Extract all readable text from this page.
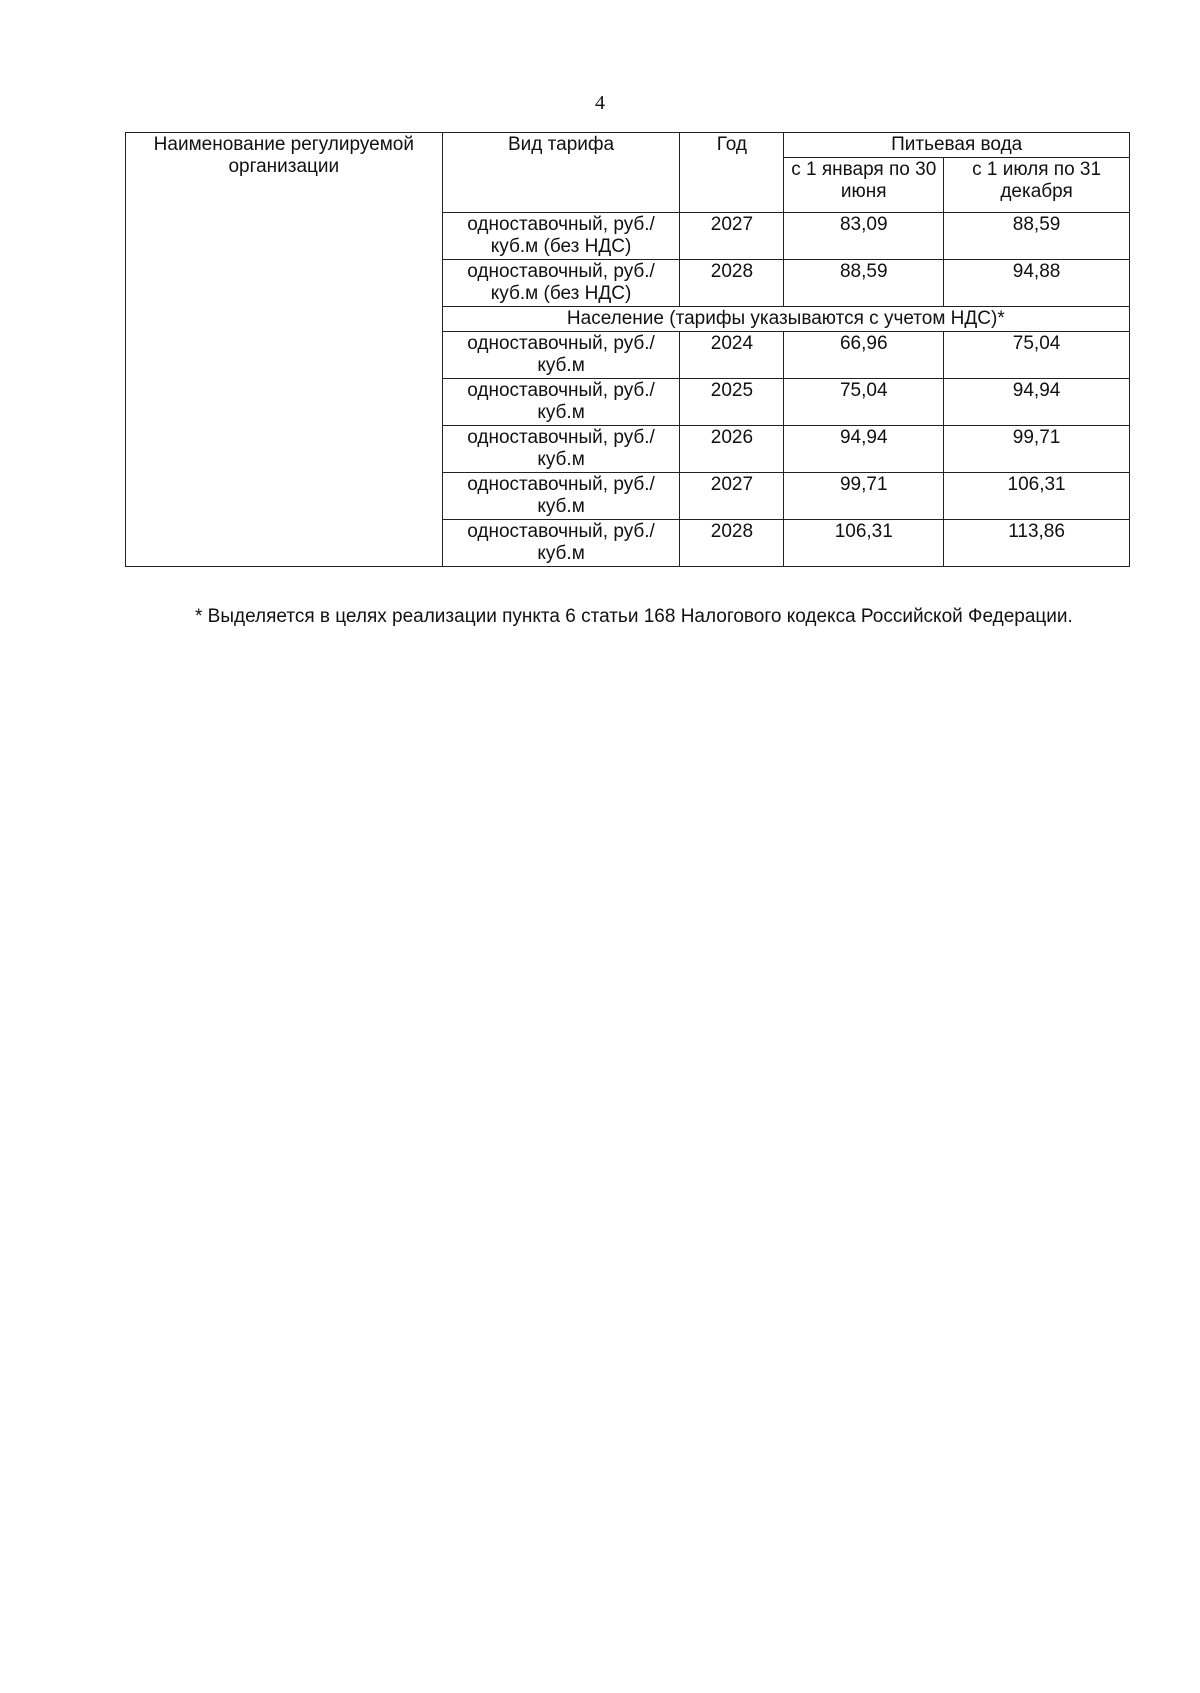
4
Наименование регулируемой организации	Вид тарифа	Год	Питьевая вода	
			с 1 января по 30 июня	с 1 июля по 31 декабря
	одноставочный, руб./куб.м (без НДС)	2027	83,09	88,59
	одноставочный, руб./куб.м (без НДС)	2028	88,59	94,88
	Население (тарифы указываются с учетом НДС)*			
	одноставочный, руб./куб.м	2024	66,96	75,04
	одноставочный, руб./куб.м	2025	75,04	94,94
	одноставочный, руб./куб.м	2026	94,94	99,71
	одноставочный, руб./куб.м	2027	99,71	106,31
	одноставочный, руб./куб.м	2028	106,31	113,86
* Выделяется в целях реализации пункта 6 статьи 168 Налогового кодекса Российской Федерации.
